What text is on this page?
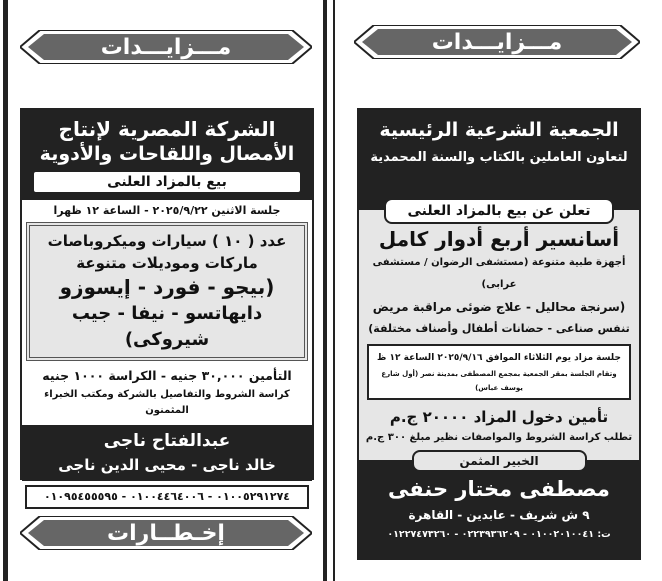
مـــزايـــدات	مـــزايـــدات
إخـطــارات
الشركة المصرية لإنتاج
الأمصال واللقاحات والأدوية
بيع بالمزاد العلنى
جلسة الاثنين ٢٠٢٥/٩/٢٢ - الساعة ١٢ ظهرا
عدد ( ١٠ ) سيارات وميكروباصات
ماركات وموديلات متنوعة
(بيجو - فورد - إيسوزو
دايهاتسو - نيفا - جيب شيروكى)
التأمين ٣٠,٠٠٠ جنيه - الكراسة ١٠٠٠ جنيه
كراسة الشروط والتفاصيل بالشركة ومكتب الخبراء المثمنون
عبدالفتاح ناجى
خالد ناجى - محيى الدين ناجى
٠١٠٠٥٢٩١٢٧٤ - ٠١٠٠٤٤٦٤٠٠٦ - ٠١٠٩٥٤٥٥٥٩٥
الجمعية الشرعية الرئيسية
لتعاون العاملين بالكتاب والسنة المحمدية
تعلن عن بيع بالمزاد العلنى
أسانسير أربع أدوار كامل
أجهزة طبية متنوعة (مستشفى الرضوان / مستشفى عرابى)
(سرنجة محاليل - علاج ضوئى مراقبة مريض
تنفس صناعى - حضانات أطفال وأصناف مختلفة)
جلسة مزاد يوم الثلاثاء الموافق ٢٠٢٥/٩/١٦ الساعة ١٢ ظ
وتقام الجلسة بمقر الجمعية بمجمع المصطفى بمدينة نصر (أول شارع يوسف عباس)
تأمين دخول المزاد ٢٠٠٠٠ ج.م
تطلب كراسة الشروط والمواصفات نظير مبلغ ٣٠٠ ج.م
الخبير المثمن
مصطفى مختار حنفى
٩ ش شريف - عابدين - القاهرة
ت: ٠١٠٠٢٠١٠٠٤١ - ٠٢٢٣٩٣٦٢٠٩ - ٠١٢٢٧٤٧٣٢٦٠
